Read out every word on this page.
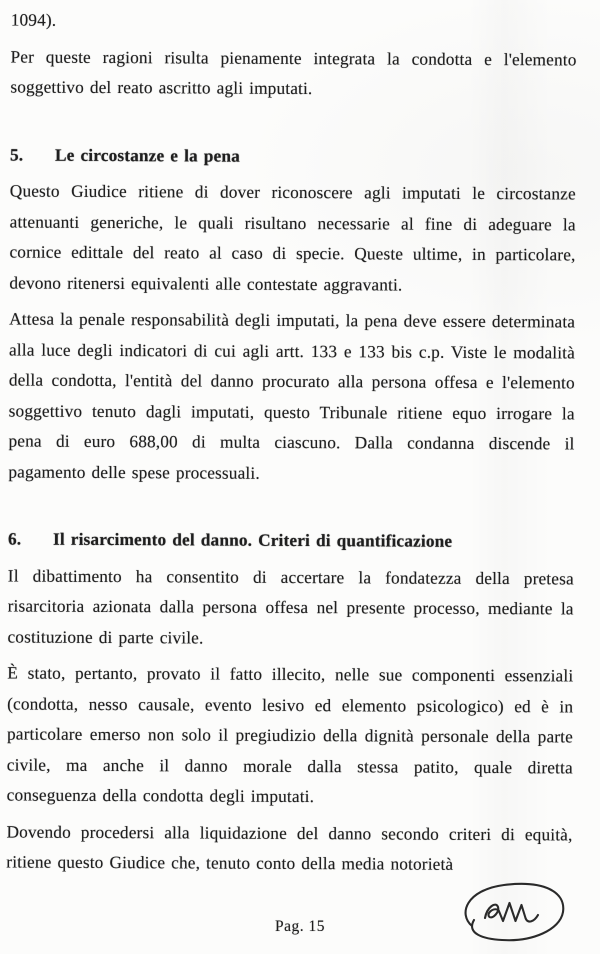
1094).

Per queste ragioni risulta pienamente integrata la condotta e l'elemento soggettivo del reato ascritto agli imputati.

5. Le circostanze e la pena

Questo Giudice ritiene di dover riconoscere agli imputati le circostanze attenuanti generiche, le quali risultano necessarie al fine di adeguare la cornice edittale del reato al caso di specie. Queste ultime, in particolare, devono ritenersi equivalenti alle contestate aggravanti.

Attesa la penale responsabilità degli imputati, la pena deve essere determinata alla luce degli indicatori di cui agli artt. 133 e 133 bis c.p. Viste le modalità della condotta, l'entità del danno procurato alla persona offesa e l'elemento soggettivo tenuto dagli imputati, questo Tribunale ritiene equo irrogare la pena di euro 688,00 di multa ciascuno. Dalla condanna discende il pagamento delle spese processuali.

6. Il risarcimento del danno. Criteri di quantificazione

Il dibattimento ha consentito di accertare la fondatezza della pretesa risarcitoria azionata dalla persona offesa nel presente processo, mediante la costituzione di parte civile.

È stato, pertanto, provato il fatto illecito, nelle sue componenti essenziali (condotta, nesso causale, evento lesivo ed elemento psicologico) ed è in particolare emerso non solo il pregiudizio della dignità personale della parte civile, ma anche il danno morale dalla stessa patito, quale diretta conseguenza della condotta degli imputati.

Dovendo procedersi alla liquidazione del danno secondo criteri di equità, ritiene questo Giudice che, tenuto conto della media notorietà

Pag. 15
